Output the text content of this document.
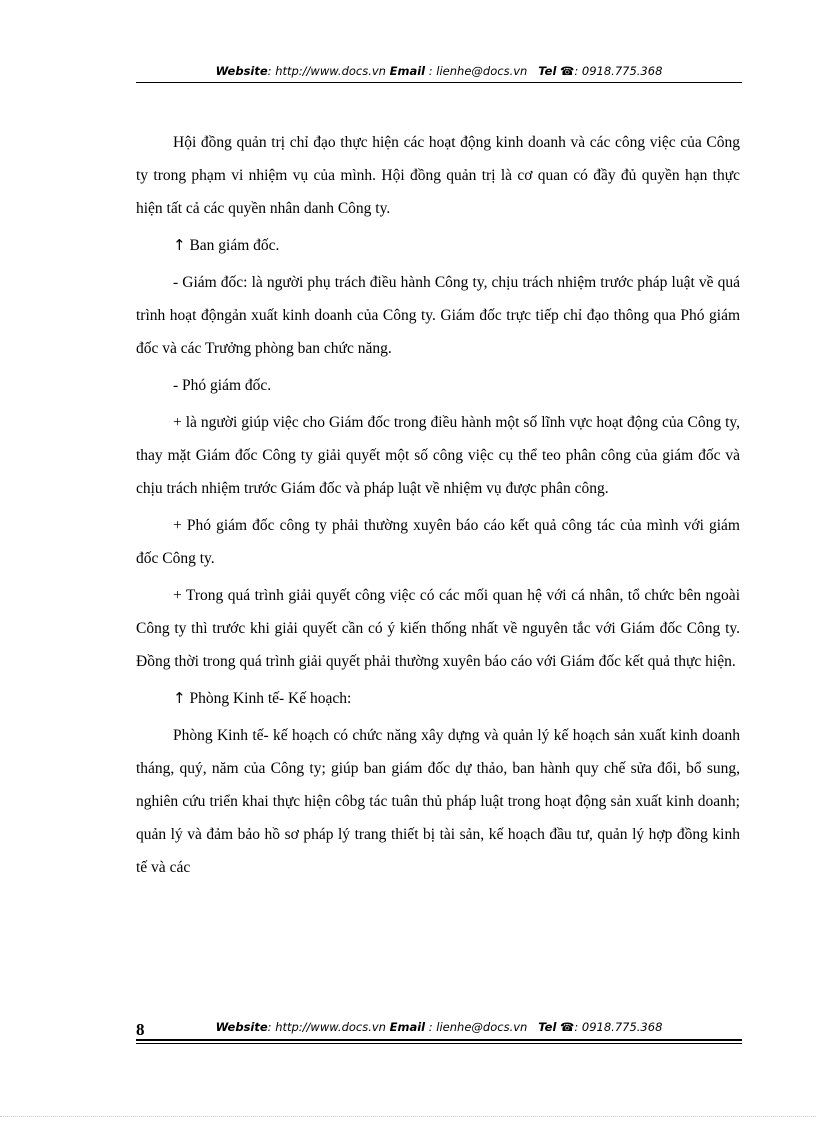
Website: http://www.docs.vn Email : lienhe@docs.vn Tel ☎: 0918.775.368

Hội đồng quản trị chỉ đạo thực hiện các hoạt động kinh doanh và các công việc của Công ty trong phạm vi nhiệm vụ của mình. Hội đồng quản trị là cơ quan có đầy đủ quyền hạn thực hiện tất cả các quyền nhân danh Công ty.

↑ Ban giám đốc.

- Giám đốc: là người phụ trách điều hành Công ty, chịu trách nhiệm trước pháp luật về quá trình hoạt độngản xuất kinh doanh của Công ty. Giám đốc trực tiếp chỉ đạo thông qua Phó giám đốc và các Trưởng phòng ban chức năng.

- Phó giám đốc.

+ là người giúp việc cho Giám đốc trong điều hành một số lĩnh vực hoạt động của Công ty, thay mặt Giám đốc Công ty giải quyết một số công việc cụ thể teo phân công của giám đốc và chịu trách nhiệm trước Giám đốc và pháp luật về nhiệm vụ được phân công.

+ Phó giám đốc công ty phải thường xuyên báo cáo kết quả công tác của mình với giám đốc Công ty.

+ Trong quá trình giải quyết công việc có các mối quan hệ với cá nhân, tổ chức bên ngoài Công ty thì trước khi giải quyết cần có ý kiến thống nhất về nguyên tắc với Giám đốc Công ty. Đồng thời trong quá trình giải quyết phải thường xuyên báo cáo với Giám đốc kết quả thực hiện.

↑ Phòng Kinh tế- Kế hoạch:

Phòng Kinh tế- kế hoạch có chức năng xây dựng và quản lý kế hoạch sản xuất kinh doanh tháng, quý, năm của Công ty; giúp ban giám đốc dự thảo, ban hành quy chế sửa đổi, bổ sung, nghiên cứu triển khai thực hiện côbg tác tuân thủ pháp luật trong hoạt động sản xuất kinh doanh; quản lý và đảm bảo hồ sơ pháp lý trang thiết bị tài sản, kế hoạch đầu tư, quản lý hợp đồng kinh tế và các

8	Website: http://www.docs.vn Email : lienhe@docs.vn Tel ☎: 0918.775.368
